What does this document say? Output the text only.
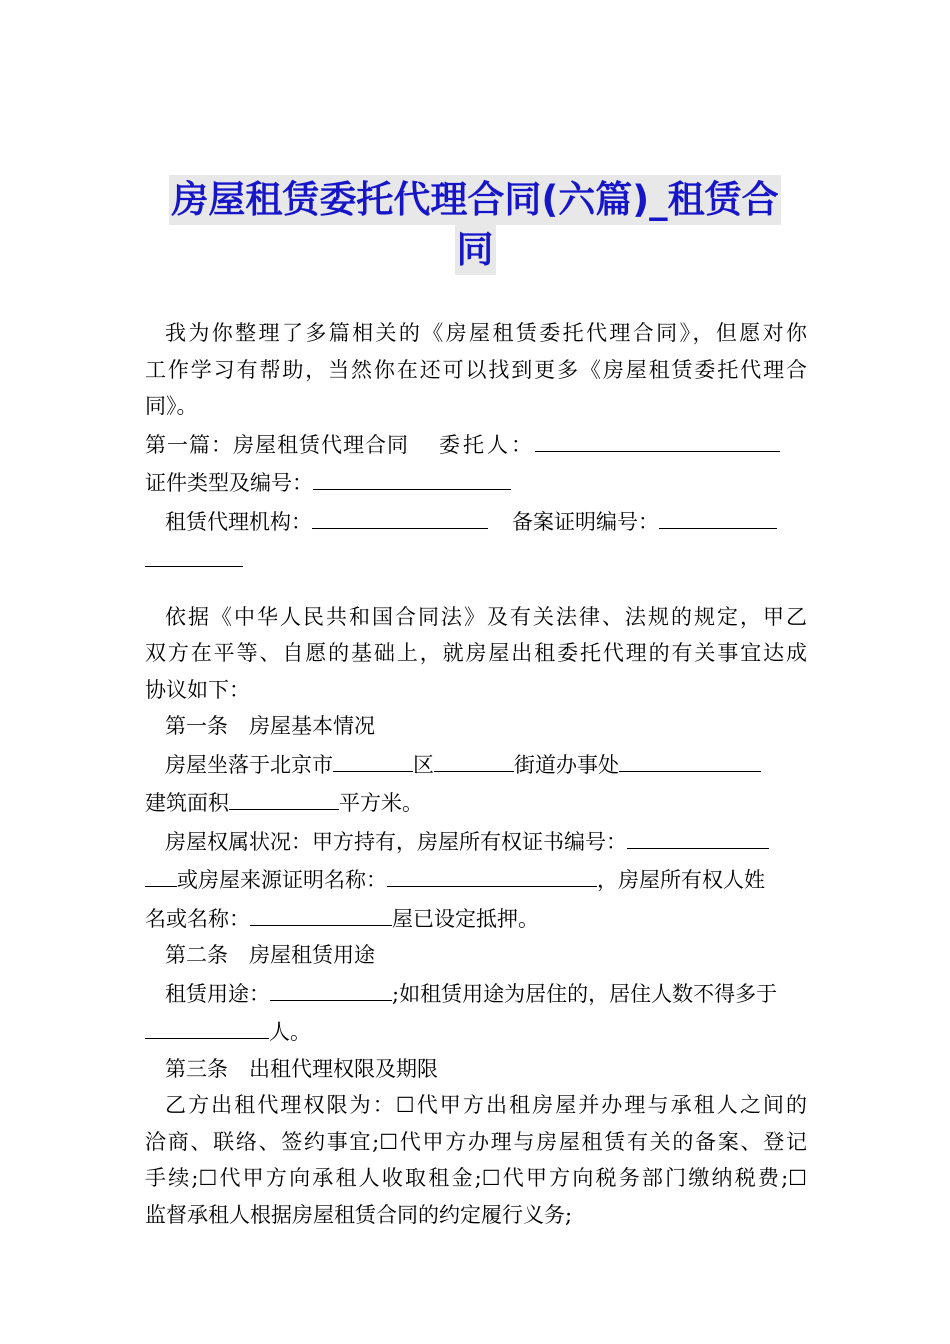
房屋租赁委托代理合同(六篇)_租赁合
同

我为你整理了多篇相关的《房屋租赁委托代理合同》，但愿对你

工作学习有帮助，当然你在还可以找到更多《房屋租赁委托代理合

同》。

第一篇：房屋租赁代理合同 委托人：

证件类型及编号：

租赁代理机构：	备案证明编号：

依据《中华人民共和国合同法》及有关法律、法规的规定，甲乙

双方在平等、自愿的基础上，就房屋出租委托代理的有关事宜达成

协议如下：

第一条　房屋基本情况

房屋坐落于北京市	区	街道办事处

建筑面积	平方米。

房屋权属状况：甲方持有，房屋所有权证书编号：

或房屋来源证明名称：	，房屋所有权人姓

名或名称：	屋已设定抵押。

第二条　房屋租赁用途

租赁用途：	;如租赁用途为居住的，居住人数不得多于

人。

第三条　出租代理权限及期限

乙方出租代理权限为：☐代甲方出租房屋并办理与承租人之间的

洽商、联络、签约事宜;☐代甲方办理与房屋租赁有关的备案、登记

手续;☐代甲方向承租人收取租金;☐代甲方向税务部门缴纳税费;☐

监督承租人根据房屋租赁合同的约定履行义务;
